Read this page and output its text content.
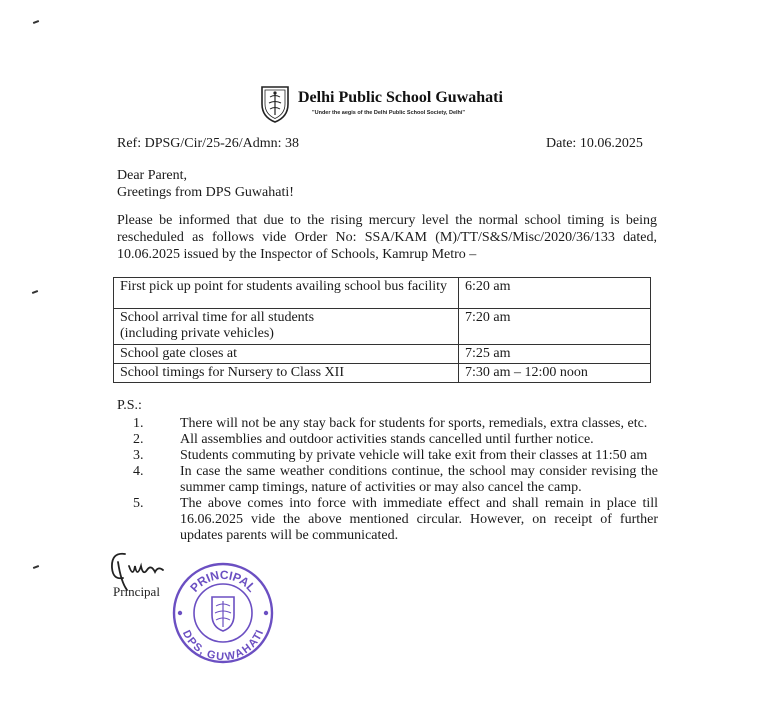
Delhi Public School Guwahati
"Under the aegis of the Delhi Public School Society, Delhi"
Ref: DPSG/Cir/25-26/Admn: 38	Date: 10.06.2025
Dear Parent,
Greetings from DPS Guwahati!
Please be informed that due to the rising mercury level the normal school timing is being
rescheduled as follows vide Order No: SSA/KAM (M)/TT/S&S/Misc/2020/36/133 dated,
10.06.2025 issued by the Inspector of Schools, Kamrup Metro –
First pick up point for students availing school bus facility	6:20 am

School arrival time for all students
(including private vehicles)	7:20 am
School gate closes at	7:25 am
School timings for Nursery to Class XII	7:30 am – 12:00 noon
P.S.:
1.	There will not be any stay back for students for sports, remedials, extra classes, etc.
2.	All assemblies and outdoor activities stands cancelled until further notice.
3.	Students commuting by private vehicle will take exit from their classes at 11:50 am
4.	In case the same weather conditions continue, the school may consider revising the
summer camp timings, nature of activities or may also cancel the camp.
5.	The above comes into force with immediate effect and shall remain in place till
16.06.2025 vide the above mentioned circular. However, on receipt of further
updates parents will be communicated.
Principal PRINCIPAL
DPS, GUWAHATI
